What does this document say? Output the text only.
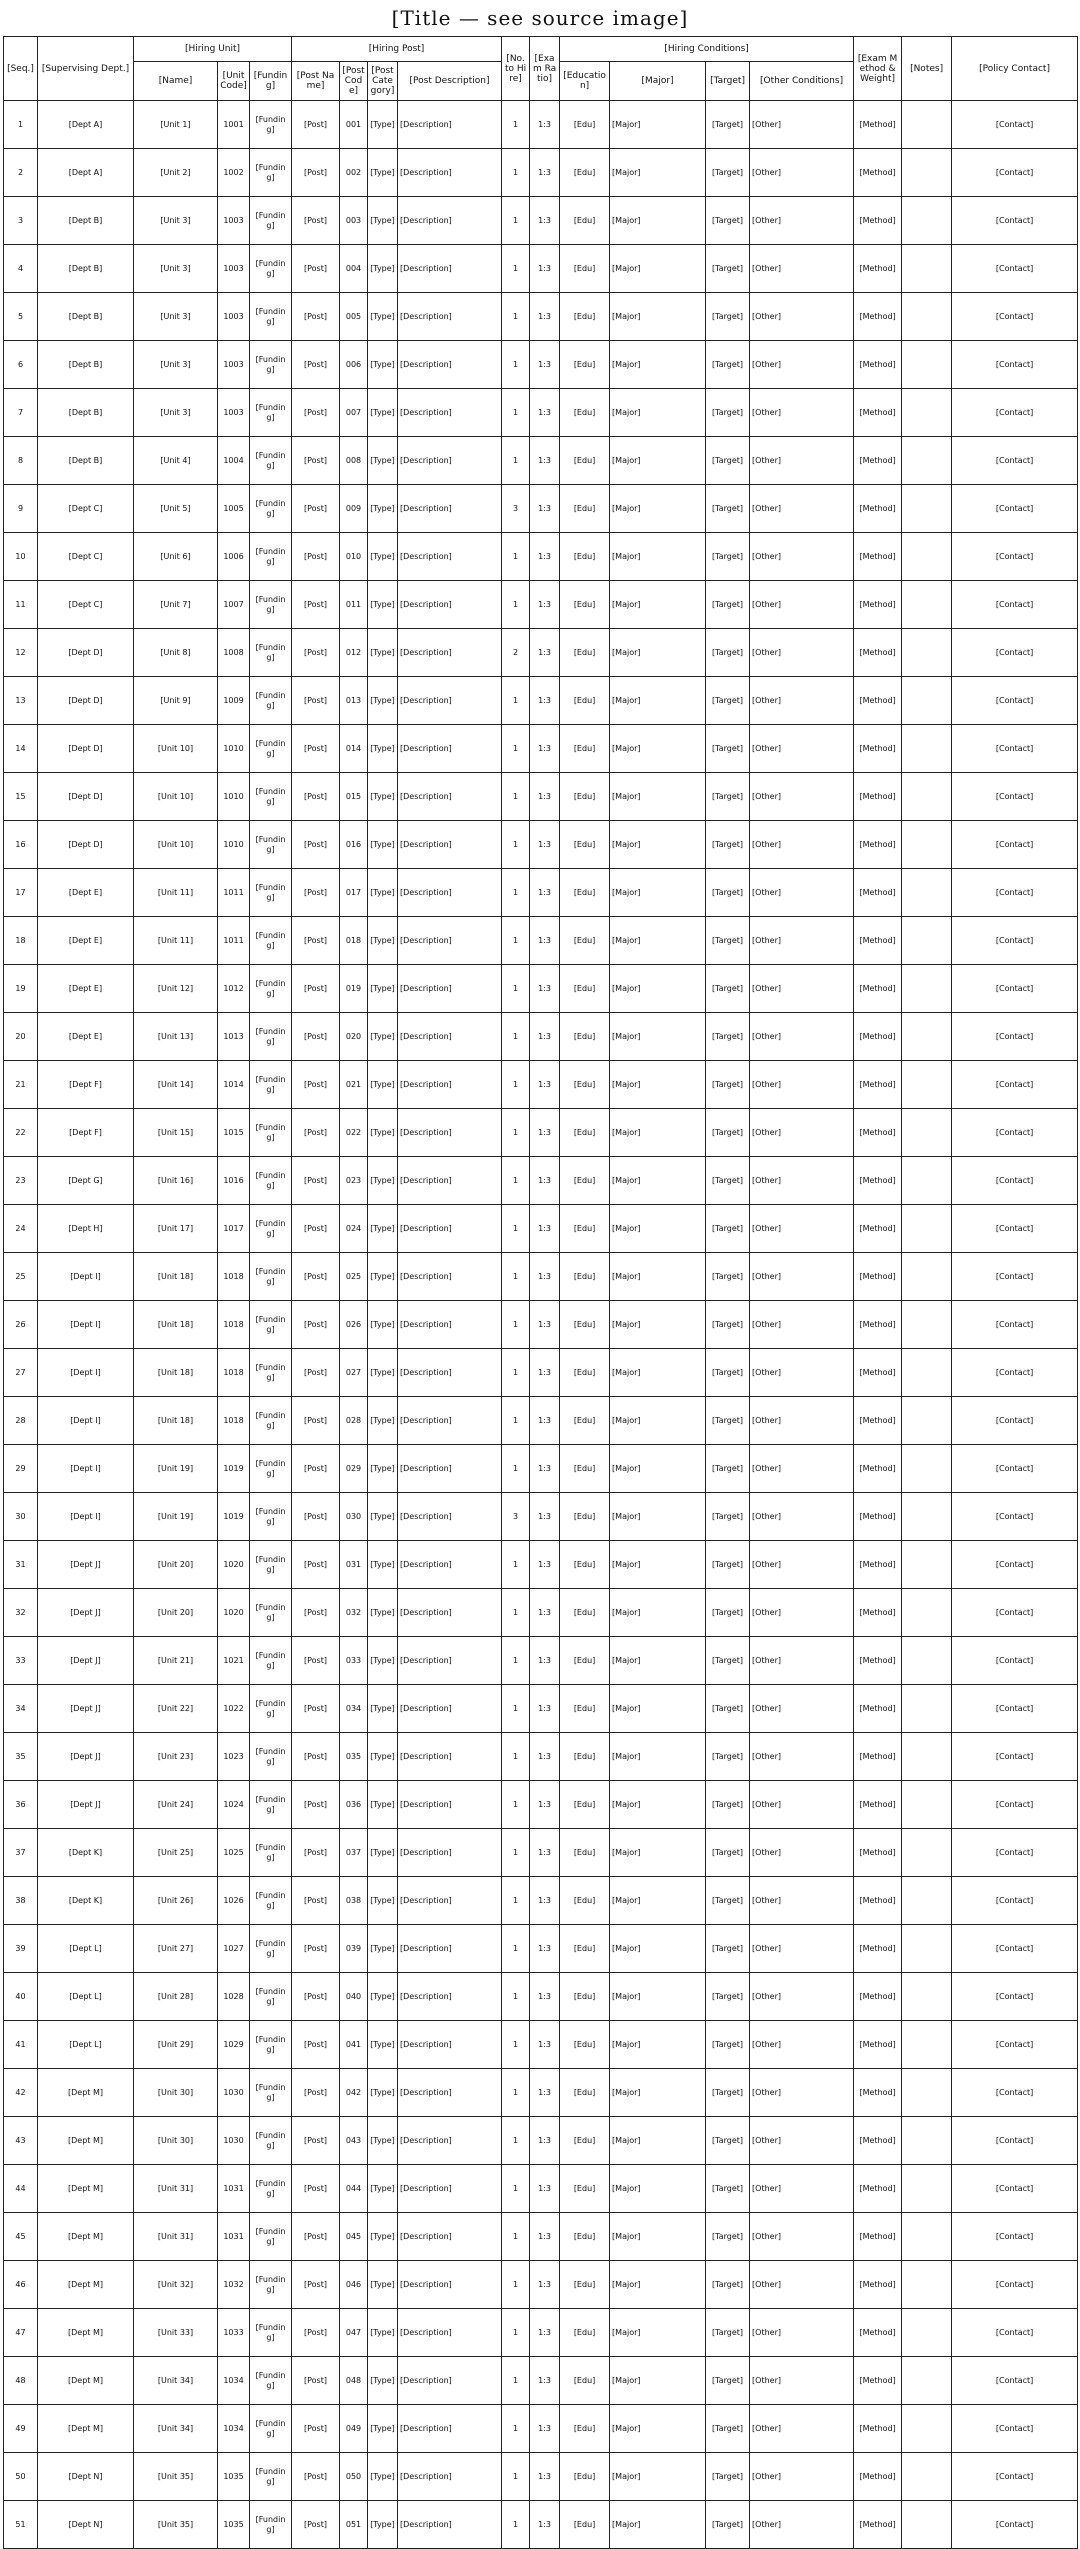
[Title — see source image]
[Seq.]	[Supervising Dept.]	[Hiring Unit]			[Hiring Post]				[No. to Hire]	[Exam Ratio]	[Hiring Conditions]				[Exam Method & Weight]	[Notes]	[Policy Contact]
		[Name]	[Unit Code]	[Funding]	[Post Name]	[Post Code]	[Post Category]	[Post Description]			[Education]	[Major]	[Target]	[Other Conditions]			
1	[Dept A]	[Unit 1]	1001	[Funding]	[Post]	001	[Type]	[Description]	1	1:3	[Edu]	[Major]	[Target]	[Other]	[Method]		[Contact]
2	[Dept A]	[Unit 2]	1002	[Funding]	[Post]	002	[Type]	[Description]	1	1:3	[Edu]	[Major]	[Target]	[Other]	[Method]		[Contact]
3	[Dept B]	[Unit 3]	1003	[Funding]	[Post]	003	[Type]	[Description]	1	1:3	[Edu]	[Major]	[Target]	[Other]	[Method]		[Contact]
4	[Dept B]	[Unit 3]	1003	[Funding]	[Post]	004	[Type]	[Description]	1	1:3	[Edu]	[Major]	[Target]	[Other]	[Method]		[Contact]
5	[Dept B]	[Unit 3]	1003	[Funding]	[Post]	005	[Type]	[Description]	1	1:3	[Edu]	[Major]	[Target]	[Other]	[Method]		[Contact]
6	[Dept B]	[Unit 3]	1003	[Funding]	[Post]	006	[Type]	[Description]	1	1:3	[Edu]	[Major]	[Target]	[Other]	[Method]		[Contact]
7	[Dept B]	[Unit 3]	1003	[Funding]	[Post]	007	[Type]	[Description]	1	1:3	[Edu]	[Major]	[Target]	[Other]	[Method]		[Contact]
8	[Dept B]	[Unit 4]	1004	[Funding]	[Post]	008	[Type]	[Description]	1	1:3	[Edu]	[Major]	[Target]	[Other]	[Method]		[Contact]
9	[Dept C]	[Unit 5]	1005	[Funding]	[Post]	009	[Type]	[Description]	3	1:3	[Edu]	[Major]	[Target]	[Other]	[Method]		[Contact]
10	[Dept C]	[Unit 6]	1006	[Funding]	[Post]	010	[Type]	[Description]	1	1:3	[Edu]	[Major]	[Target]	[Other]	[Method]		[Contact]
11	[Dept C]	[Unit 7]	1007	[Funding]	[Post]	011	[Type]	[Description]	1	1:3	[Edu]	[Major]	[Target]	[Other]	[Method]		[Contact]
12	[Dept D]	[Unit 8]	1008	[Funding]	[Post]	012	[Type]	[Description]	2	1:3	[Edu]	[Major]	[Target]	[Other]	[Method]		[Contact]
13	[Dept D]	[Unit 9]	1009	[Funding]	[Post]	013	[Type]	[Description]	1	1:3	[Edu]	[Major]	[Target]	[Other]	[Method]		[Contact]
14	[Dept D]	[Unit 10]	1010	[Funding]	[Post]	014	[Type]	[Description]	1	1:3	[Edu]	[Major]	[Target]	[Other]	[Method]		[Contact]
15	[Dept D]	[Unit 10]	1010	[Funding]	[Post]	015	[Type]	[Description]	1	1:3	[Edu]	[Major]	[Target]	[Other]	[Method]		[Contact]
16	[Dept D]	[Unit 10]	1010	[Funding]	[Post]	016	[Type]	[Description]	1	1:3	[Edu]	[Major]	[Target]	[Other]	[Method]		[Contact]
17	[Dept E]	[Unit 11]	1011	[Funding]	[Post]	017	[Type]	[Description]	1	1:3	[Edu]	[Major]	[Target]	[Other]	[Method]		[Contact]
18	[Dept E]	[Unit 11]	1011	[Funding]	[Post]	018	[Type]	[Description]	1	1:3	[Edu]	[Major]	[Target]	[Other]	[Method]		[Contact]
19	[Dept E]	[Unit 12]	1012	[Funding]	[Post]	019	[Type]	[Description]	1	1:3	[Edu]	[Major]	[Target]	[Other]	[Method]		[Contact]
20	[Dept E]	[Unit 13]	1013	[Funding]	[Post]	020	[Type]	[Description]	1	1:3	[Edu]	[Major]	[Target]	[Other]	[Method]		[Contact]
21	[Dept F]	[Unit 14]	1014	[Funding]	[Post]	021	[Type]	[Description]	1	1:3	[Edu]	[Major]	[Target]	[Other]	[Method]		[Contact]
22	[Dept F]	[Unit 15]	1015	[Funding]	[Post]	022	[Type]	[Description]	1	1:3	[Edu]	[Major]	[Target]	[Other]	[Method]		[Contact]
23	[Dept G]	[Unit 16]	1016	[Funding]	[Post]	023	[Type]	[Description]	1	1:3	[Edu]	[Major]	[Target]	[Other]	[Method]		[Contact]
24	[Dept H]	[Unit 17]	1017	[Funding]	[Post]	024	[Type]	[Description]	1	1:3	[Edu]	[Major]	[Target]	[Other]	[Method]		[Contact]
25	[Dept I]	[Unit 18]	1018	[Funding]	[Post]	025	[Type]	[Description]	1	1:3	[Edu]	[Major]	[Target]	[Other]	[Method]		[Contact]
26	[Dept I]	[Unit 18]	1018	[Funding]	[Post]	026	[Type]	[Description]	1	1:3	[Edu]	[Major]	[Target]	[Other]	[Method]		[Contact]
27	[Dept I]	[Unit 18]	1018	[Funding]	[Post]	027	[Type]	[Description]	1	1:3	[Edu]	[Major]	[Target]	[Other]	[Method]		[Contact]
28	[Dept I]	[Unit 18]	1018	[Funding]	[Post]	028	[Type]	[Description]	1	1:3	[Edu]	[Major]	[Target]	[Other]	[Method]		[Contact]
29	[Dept I]	[Unit 19]	1019	[Funding]	[Post]	029	[Type]	[Description]	1	1:3	[Edu]	[Major]	[Target]	[Other]	[Method]		[Contact]
30	[Dept I]	[Unit 19]	1019	[Funding]	[Post]	030	[Type]	[Description]	3	1:3	[Edu]	[Major]	[Target]	[Other]	[Method]		[Contact]
31	[Dept J]	[Unit 20]	1020	[Funding]	[Post]	031	[Type]	[Description]	1	1:3	[Edu]	[Major]	[Target]	[Other]	[Method]		[Contact]
32	[Dept J]	[Unit 20]	1020	[Funding]	[Post]	032	[Type]	[Description]	1	1:3	[Edu]	[Major]	[Target]	[Other]	[Method]		[Contact]
33	[Dept J]	[Unit 21]	1021	[Funding]	[Post]	033	[Type]	[Description]	1	1:3	[Edu]	[Major]	[Target]	[Other]	[Method]		[Contact]
34	[Dept J]	[Unit 22]	1022	[Funding]	[Post]	034	[Type]	[Description]	1	1:3	[Edu]	[Major]	[Target]	[Other]	[Method]		[Contact]
35	[Dept J]	[Unit 23]	1023	[Funding]	[Post]	035	[Type]	[Description]	1	1:3	[Edu]	[Major]	[Target]	[Other]	[Method]		[Contact]
36	[Dept J]	[Unit 24]	1024	[Funding]	[Post]	036	[Type]	[Description]	1	1:3	[Edu]	[Major]	[Target]	[Other]	[Method]		[Contact]
37	[Dept K]	[Unit 25]	1025	[Funding]	[Post]	037	[Type]	[Description]	1	1:3	[Edu]	[Major]	[Target]	[Other]	[Method]		[Contact]
38	[Dept K]	[Unit 26]	1026	[Funding]	[Post]	038	[Type]	[Description]	1	1:3	[Edu]	[Major]	[Target]	[Other]	[Method]		[Contact]
39	[Dept L]	[Unit 27]	1027	[Funding]	[Post]	039	[Type]	[Description]	1	1:3	[Edu]	[Major]	[Target]	[Other]	[Method]		[Contact]
40	[Dept L]	[Unit 28]	1028	[Funding]	[Post]	040	[Type]	[Description]	1	1:3	[Edu]	[Major]	[Target]	[Other]	[Method]		[Contact]
41	[Dept L]	[Unit 29]	1029	[Funding]	[Post]	041	[Type]	[Description]	1	1:3	[Edu]	[Major]	[Target]	[Other]	[Method]		[Contact]
42	[Dept M]	[Unit 30]	1030	[Funding]	[Post]	042	[Type]	[Description]	1	1:3	[Edu]	[Major]	[Target]	[Other]	[Method]		[Contact]
43	[Dept M]	[Unit 30]	1030	[Funding]	[Post]	043	[Type]	[Description]	1	1:3	[Edu]	[Major]	[Target]	[Other]	[Method]		[Contact]
44	[Dept M]	[Unit 31]	1031	[Funding]	[Post]	044	[Type]	[Description]	1	1:3	[Edu]	[Major]	[Target]	[Other]	[Method]		[Contact]
45	[Dept M]	[Unit 31]	1031	[Funding]	[Post]	045	[Type]	[Description]	1	1:3	[Edu]	[Major]	[Target]	[Other]	[Method]		[Contact]
46	[Dept M]	[Unit 32]	1032	[Funding]	[Post]	046	[Type]	[Description]	1	1:3	[Edu]	[Major]	[Target]	[Other]	[Method]		[Contact]
47	[Dept M]	[Unit 33]	1033	[Funding]	[Post]	047	[Type]	[Description]	1	1:3	[Edu]	[Major]	[Target]	[Other]	[Method]		[Contact]
48	[Dept M]	[Unit 34]	1034	[Funding]	[Post]	048	[Type]	[Description]	1	1:3	[Edu]	[Major]	[Target]	[Other]	[Method]		[Contact]
49	[Dept M]	[Unit 34]	1034	[Funding]	[Post]	049	[Type]	[Description]	1	1:3	[Edu]	[Major]	[Target]	[Other]	[Method]		[Contact]
50	[Dept N]	[Unit 35]	1035	[Funding]	[Post]	050	[Type]	[Description]	1	1:3	[Edu]	[Major]	[Target]	[Other]	[Method]		[Contact]
51	[Dept N]	[Unit 35]	1035	[Funding]	[Post]	051	[Type]	[Description]	1	1:3	[Edu]	[Major]	[Target]	[Other]	[Method]		[Contact]
